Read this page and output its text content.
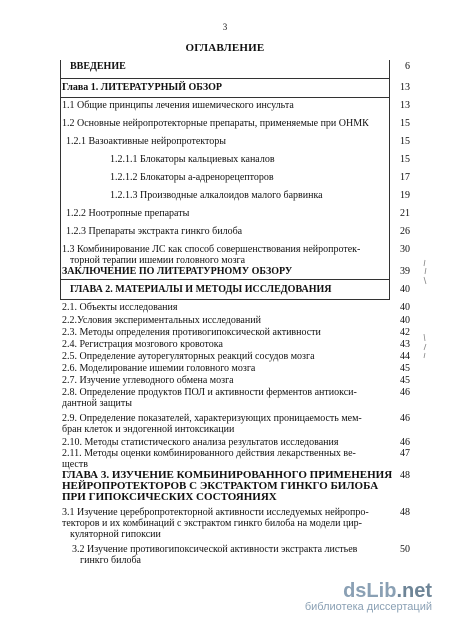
3
ОГЛАВЛЕНИЕ
ВВЕДЕНИЕ	6
Глава 1. ЛИТЕРАТУРНЫЙ ОБЗОР	13
1.1 Общие принципы лечения ишемического инсульта	13
1.2 Основные нейропротекторные препараты, применяемые при ОНМК	15
1.2.1 Вазоактивные нейропротекторы	15
1.2.1.1 Блокаторы кальциевых каналов	15
1.2.1.2 Блокаторы а-адренорецепторов	17
1.2.1.3 Производные алкалоидов малого барвинка	19
1.2.2 Ноотропные препараты	21
1.2.3 Препараты экстракта гинкго билоба	26
1.3 Комбинирование ЛС как способ совершенствования нейропротек-
торной терапии ишемии головного мозга
30
ЗАКЛЮЧЕНИЕ ПО ЛИТЕРАТУРНОМУ ОБЗОРУ	39
ГЛАВА 2. МАТЕРИАЛЫ И МЕТОДЫ ИССЛЕДОВАНИЯ	40
2.1. Объекты исследования	40
2.2.Условия экспериментальных исследований	40
2.3. Методы определения противогипоксической активности	42
2.4. Регистрация мозгового кровотока	43
2.5. Определение ауторегуляторных реакций сосудов мозга	44
2.6. Моделирование ишемии головного мозга	45
2.7. Изучение углеводного обмена мозга	45
2.8. Определение продуктов ПОЛ и активности ферментов антиокси-
дантной защиты
46
2.9. Определение показателей, характеризующих проницаемость мем-
бран клеток и эндогенной интоксикации
46
2.10. Методы статистического анализа результатов исследования	46
2.11. Методы оценки комбинированного действия лекарственных ве-
ществ
47
ГЛАВА 3. ИЗУЧЕНИЕ КОМБИНИРОВАННОГО ПРИМЕНЕНИЯ
НЕЙРОПРОТЕКТОРОВ С ЭКСТРАКТОМ ГИНКГО БИЛОБА
ПРИ ГИПОКСИЧЕСКИХ СОСТОЯНИЯХ
48
3.1 Изучение церебропротекторной активности исследуемых нейропро-
текторов и их комбинаций с экстрактом гинкго билоба на модели цир-
куляторной гипоксии
48
3.2 Изучение противогипоксической активности экстракта листьев
гинкго билоба
50
dsLib.net
библиотека диссертаций
